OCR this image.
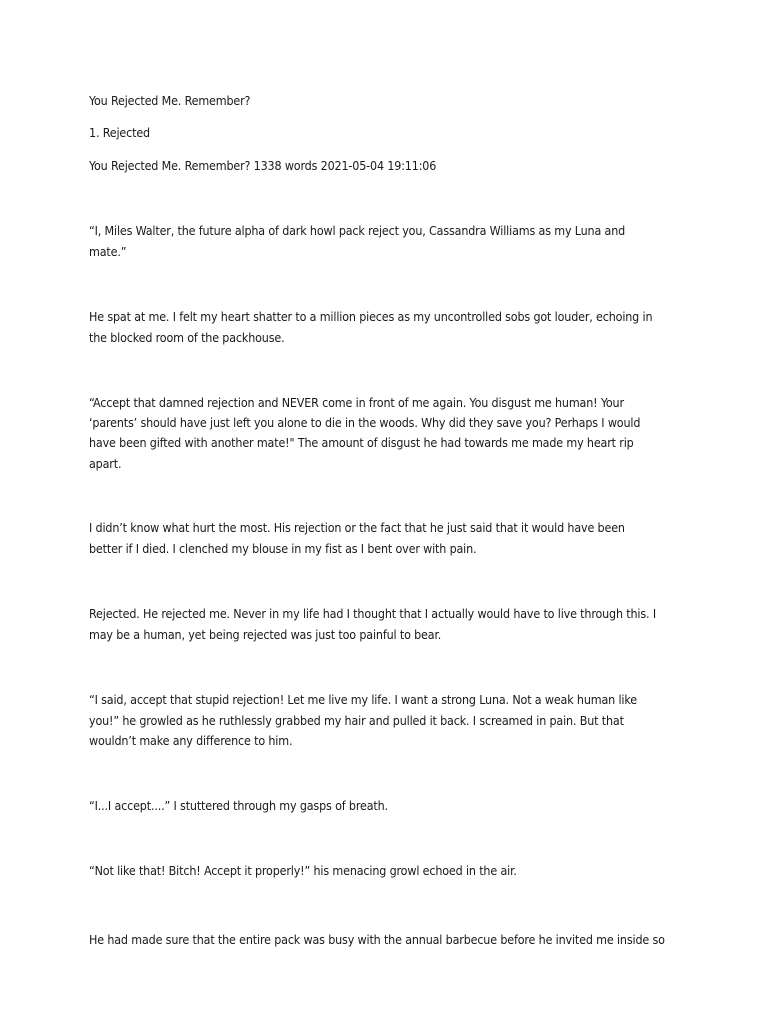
You Rejected Me. Remember?
1. Rejected
You Rejected Me. Remember? 1338 words 2021-05-04 19:11:06
“I, Miles Walter, the future alpha of dark howl pack reject you, Cassandra Williams as my Luna and
mate.”
He spat at me. I felt my heart shatter to a million pieces as my uncontrolled sobs got louder, echoing in
the blocked room of the packhouse.
“Accept that damned rejection and NEVER come in front of me again. You disgust me human! Your
‘parents’ should have just left you alone to die in the woods. Why did they save you? Perhaps I would
have been gifted with another mate!" The amount of disgust he had towards me made my heart rip
apart.
I didn’t know what hurt the most. His rejection or the fact that he just said that it would have been
better if I died. I clenched my blouse in my fist as I bent over with pain.
Rejected. He rejected me. Never in my life had I thought that I actually would have to live through this. I
may be a human, yet being rejected was just too painful to bear.
“I said, accept that stupid rejection! Let me live my life. I want a strong Luna. Not a weak human like
you!” he growled as he ruthlessly grabbed my hair and pulled it back. I screamed in pain. But that
wouldn’t make any difference to him.
“I...I accept....” I stuttered through my gasps of breath.
“Not like that! Bitch! Accept it properly!” his menacing growl echoed in the air.
He had made sure that the entire pack was busy with the annual barbecue before he invited me inside so
